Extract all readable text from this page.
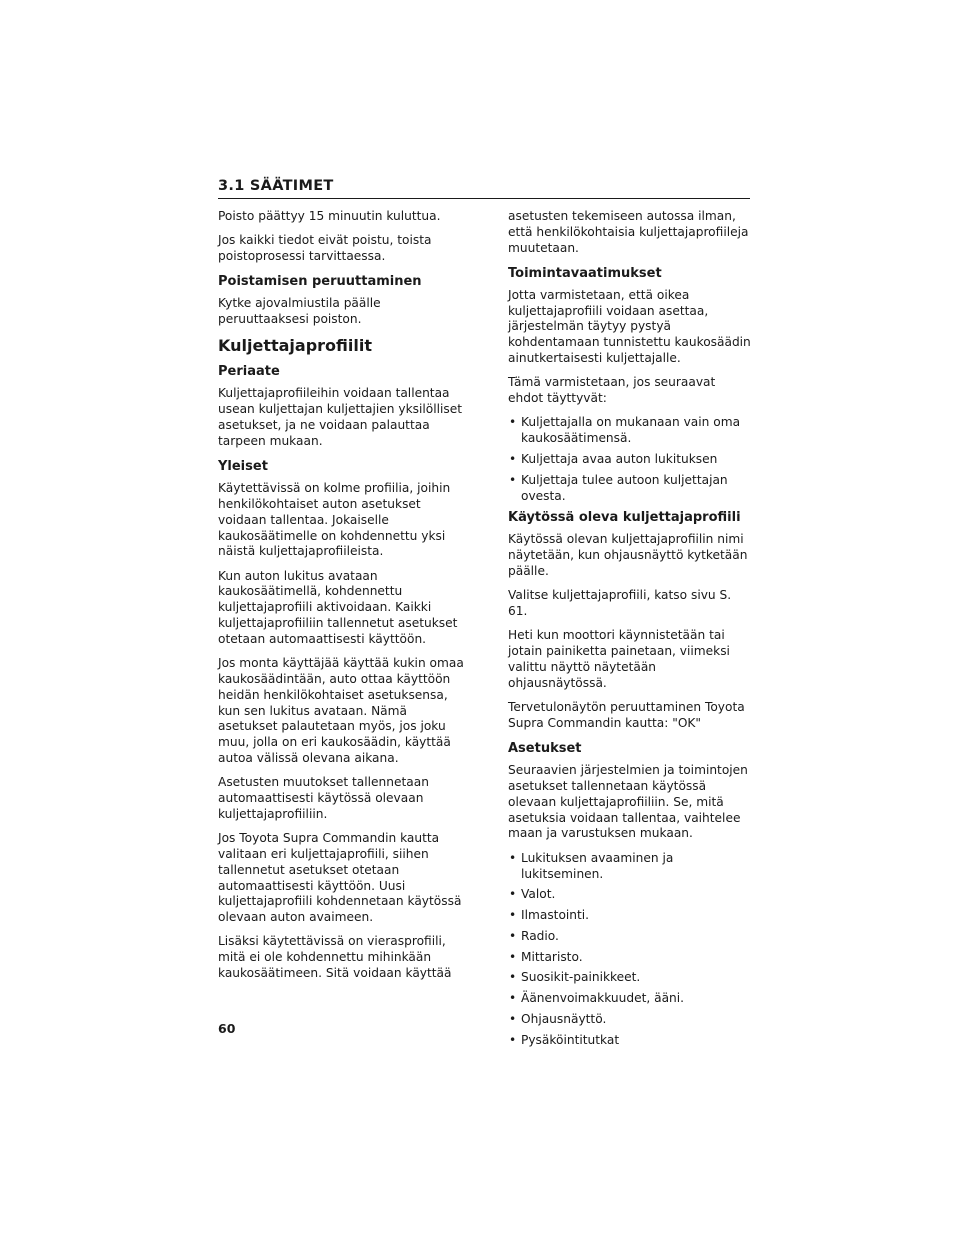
3.1 SÄÄTIMET

Poisto päättyy 15 minuutin kuluttua.

Jos kaikki tiedot eivät poistu, toista poistoprosessi tarvittaessa.

Poistamisen peruuttaminen

Kytke ajovalmiustila päälle peruuttaaksesi poiston.

Kuljettajaprofiilit
Periaate

Kuljettajaprofiileihin voidaan tallentaa usean kuljettajan kuljettajien yksilölliset asetukset, ja ne voidaan palauttaa tarpeen mukaan.

Yleiset

Käytettävissä on kolme profiilia, joihin henkilökohtaiset auton asetukset voidaan tallentaa. Jokaiselle kaukosäätimelle on kohdennettu yksi näistä kuljettajaprofiileista.

Kun auton lukitus avataan kaukosäätimellä, kohdennettu kuljettajaprofiili aktivoidaan. Kaikki kuljettajaprofiiliin tallennetut asetukset otetaan automaattisesti käyttöön.

Jos monta käyttäjää käyttää kukin omaa kaukosäädintään, auto ottaa käyttöön heidän henkilökohtaiset asetuksensa, kun sen lukitus avataan. Nämä asetukset palautetaan myös, jos joku muu, jolla on eri kaukosäädin, käyttää autoa välissä olevana aikana.

Asetusten muutokset tallennetaan automaattisesti käytössä olevaan kuljettajaprofiiliin.

Jos Toyota Supra Commandin kautta valitaan eri kuljettajaprofiili, siihen tallennetut asetukset otetaan automaattisesti käyttöön. Uusi kuljettajaprofiili kohdennetaan käytössä olevaan auton avaimeen.

Lisäksi käytettävissä on vierasprofiili, mitä ei ole kohdennettu mihinkään kaukosäätimeen. Sitä voidaan käyttää

asetusten tekemiseen autossa ilman, että henkilökohtaisia kuljettajaprofiileja muutetaan.

Toimintavaatimukset

Jotta varmistetaan, että oikea kuljettajaprofiili voidaan asettaa, järjestelmän täytyy pystyä kohdentamaan tunnistettu kaukosäädin ainutkertaisesti kuljettajalle.

Tämä varmistetaan, jos seuraavat ehdot täyttyvät:

• Kuljettajalla on mukanaan vain oma kaukosäätimensä.
• Kuljettaja avaa auton lukituksen
• Kuljettaja tulee autoon kuljettajan ovesta.
Käytössä oleva kuljettajaprofiili

Käytössä olevan kuljettajaprofiilin nimi näytetään, kun ohjausnäyttö kytketään päälle.

Valitse kuljettajaprofiili, katso sivu S. 61.

Heti kun moottori käynnistetään tai jotain painiketta painetaan, viimeksi valittu näyttö näytetään ohjausnäytössä.

Tervetulonäytön peruuttaminen Toyota Supra Commandin kautta: "OK"

Asetukset

Seuraavien järjestelmien ja toimintojen asetukset tallennetaan käytössä olevaan kuljettajaprofiiliin. Se, mitä asetuksia voidaan tallentaa, vaihtelee maan ja varustuksen mukaan.

• Lukituksen avaaminen ja lukitseminen.
• Valot.
• Ilmastointi.
• Radio.
• Mittaristo.
• Suosikit-painikkeet.
• Äänenvoimakkuudet, ääni.
• Ohjausnäyttö.
• Pysäköintitutkat
60
